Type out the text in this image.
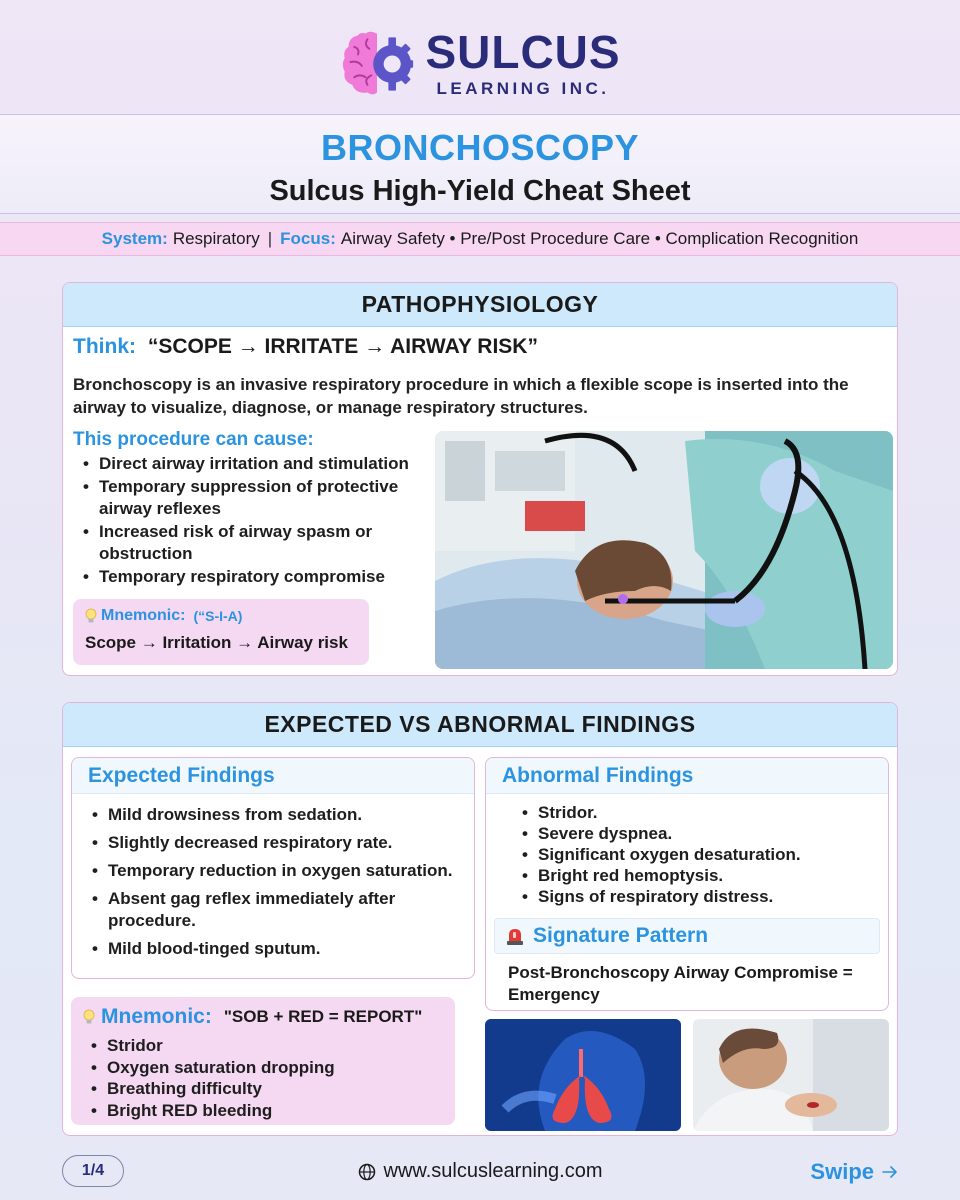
SULCUS
LEARNING INC.
BRONCHOSCOPY
Sulcus High-Yield Cheat Sheet
System: Respiratory | Focus: Airway Safety • Pre/Post Procedure Care • Complication Recognition
PATHOPHYSIOLOGY
Think: “SCOPE → IRRITATE → AIRWAY RISK”
Bronchoscopy is an invasive respiratory procedure in which a flexible scope is inserted into the airway to visualize, diagnose, or manage respiratory structures.
This procedure can cause:
• Direct airway irritation and stimulation
• Temporary suppression of protective airway reflexes
• Increased risk of airway spasm or obstruction
• Temporary respiratory compromise
Mnemonic: (“S-I-A)
Scope → Irritation → Airway risk
EXPECTED VS ABNORMAL FINDINGS
Expected Findings
• Mild drowsiness from sedation.
• Slightly decreased respiratory rate.
• Temporary reduction in oxygen saturation.
• Absent gag reflex immediately after procedure.
• Mild blood-tinged sputum.
Abnormal Findings
• Stridor.
• Severe dyspnea.
• Significant oxygen desaturation.
• Bright red hemoptysis.
• Signs of respiratory distress.
Signature Pattern
Post-Bronchoscopy Airway Compromise = Emergency
Mnemonic: "SOB + RED = REPORT"
• Stridor
• Oxygen saturation dropping
• Breathing difficulty
• Bright RED bleeding
1/4	www.sulcuslearning.com	Swipe
